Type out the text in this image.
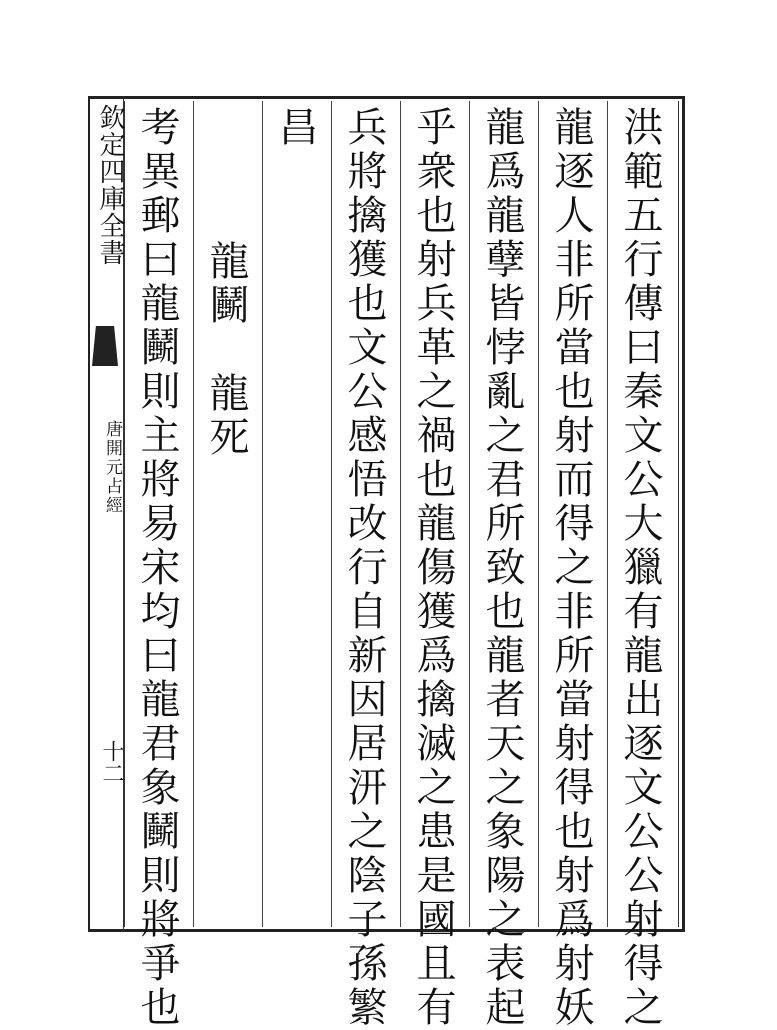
欽定四庫全書
唐開元占經
十二	洪範五行傳曰秦文公大獵有龍出逐文公公射得之
龍逐人非所當也射而得之非所當射得也射爲射妖
龍爲龍孽皆悖亂之君所致也龍者天之象陽之表起
乎衆也射兵革之禍也龍傷獲爲擒滅之患是國且有
兵將擒獲也文公感悟改行自新因居汧之陰子孫繁
昌
龍鬭　龍死
考異郵曰龍鬭則主將易宋均曰龍君象鬭則將爭也
